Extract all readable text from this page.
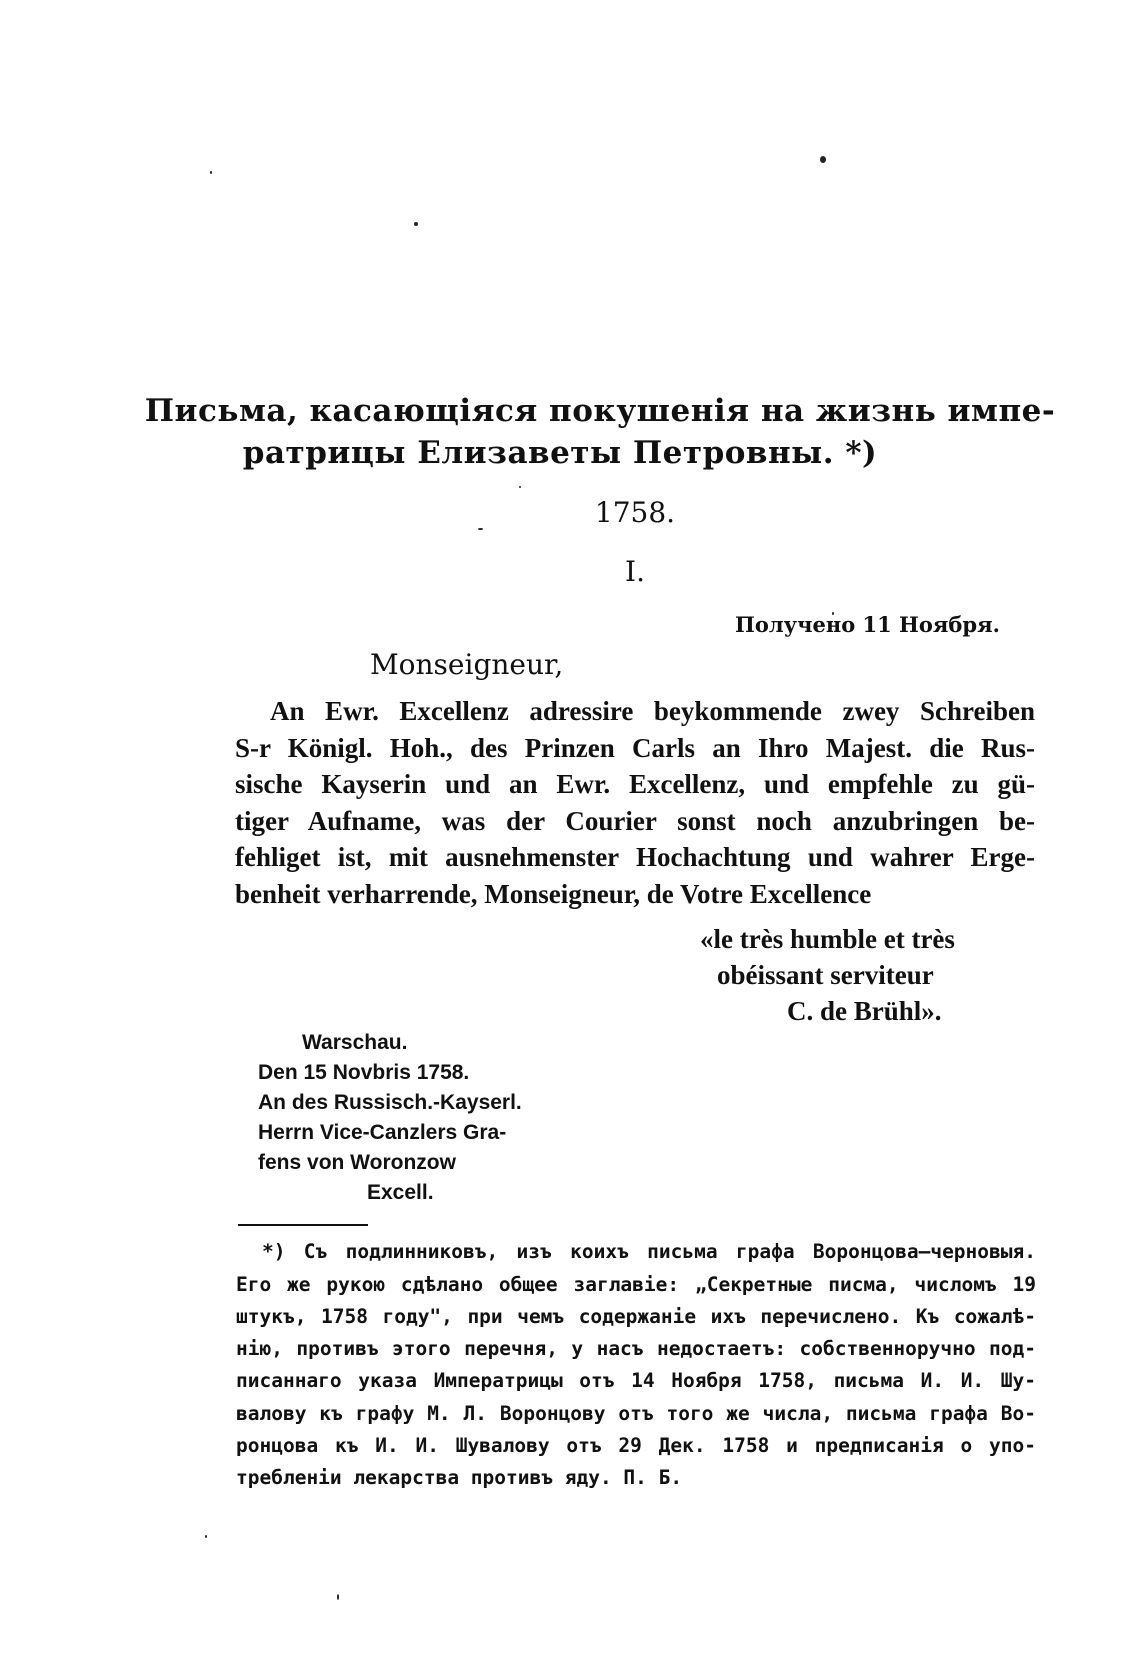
Письма, касающіяся покушенія на жизнь импе-
ратрицы Елизаветы Петровны. *)
1758.
I.
Получено 11 Ноября.
Monseigneur,
An Ewr. Excellenz adressire beykommende zwey Schreiben
S-r Königl. Hoh., des Prinzen Carls an Ihro Majest. die Rus-
sische Kayserin und an Ewr. Excellenz, und empfehle zu gü-
tiger Aufname, was der Courier sonst noch anzubringen be-
fehliget ist, mit ausnehmenster Hochachtung und wahrer Erge-
benheit verharrende, Monseigneur, de Votre Excellence
«le très humble et très
obéissant serviteur
C. de Brühl».
Warschau.
Den 15 Novbris 1758.
An des Russisch.-Kayserl.
Herrn Vice-Canzlers Gra-
fens von Woronzow
Excell.
*) Съ подлинниковъ, изъ коихъ письма графа Воронцова—черновыя.
Его же рукою сдѣлано общее заглавіе: „Секретные писма, числомъ 19
штукъ, 1758 году", при чемъ содержаніе ихъ перечислено. Къ сожалѣ-
нію, противъ этого перечня, у насъ недостаетъ: собственноручно под-
писаннаго указа Императрицы отъ 14 Ноября 1758, письма И. И. Шу-
валову къ графу М. Л. Воронцову отъ того же числа, письма графа Во-
ронцова къ И. И. Шувалову отъ 29 Дек. 1758 и предписанія о упо-
требленіи лекарства противъ яду. П. Б.
